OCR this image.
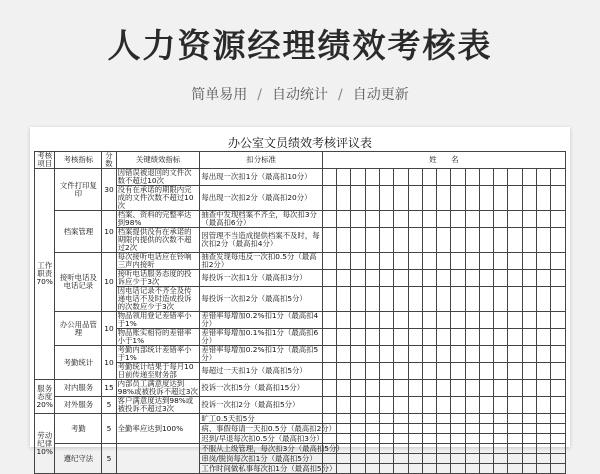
人力资源经理绩效考核表
简单易用 / 自动统计 / 自动更新
办公室文员绩效考核评议表
考核项目	考核指标	分数	关键绩效指标	扣分标准	姓　　名																

工作职责70%	文件打印复印	30	因错误被退回的文件次数不超过10次	每出现一次扣1分（最高扣10分）																	
			没有在承诺的期限内完成的文件次数不超过10次	每出现一次扣2分（最高扣20分）																	
	档案管理	10	档案、资料的完整率达到98%	抽查中发现档案不齐全，每次扣3分（最高扣6分）																	
			档案提供没有在承诺的期限内提供的次数不超过2次	因管理不当造成提供档案不及时，每次扣2分（最高扣4分）																	
	接听电话及电话记录	10	每次接听电话应在铃响三声内接听	抽查发现每违反一次扣0.5分（最高扣2分）																	
			接听电话服务态度的投诉应少于3次	每投诉一次扣1分（最高扣3分）																	
			因电话记录不齐全及传递电话不及时造成投诉的次数应少于3次	每投诉一次扣2分（最高扣5分）																	
	办公用品管理	10	物品领用登记差错率小于1%	差错率每增加0.2%扣1分（最高扣4分）																	
			物品账实相符的差错率小于1%	差错率每增加0.1%扣1分（最高扣6分）																	
	考勤统计	10	考勤内部统计差错率小于1%	差错率每增加0.2%扣1分（最高扣5分）																	
			考勤统计结果于每月10日前传递至财务部	每超过一天扣1分（最高扣5分）																	
服务态度20%	对内服务	15	内部员工满意度达到98%或被投诉不超过3次	投诉一次扣5分（最高扣15分）																	
	对外服务	5	客户满意度达到98%或被投诉不超过3次	投诉一次扣2分（最高扣5分）																	
劳动纪律10%	考勤	5	全勤率应达到100%	旷工0.5天扣5分																	
				病、事假每请一天扣0.5分（最高扣2分）																	
				迟到/早退每次扣0.5分（最高扣3分）																	
	遵纪守法	5		不服从上级管理，每次扣3分（最高扣5分）																	
				串岗/脱岗每次扣1分（最高扣5分）																	
				工作时间做私事每次扣1分（最高扣5分）																	
